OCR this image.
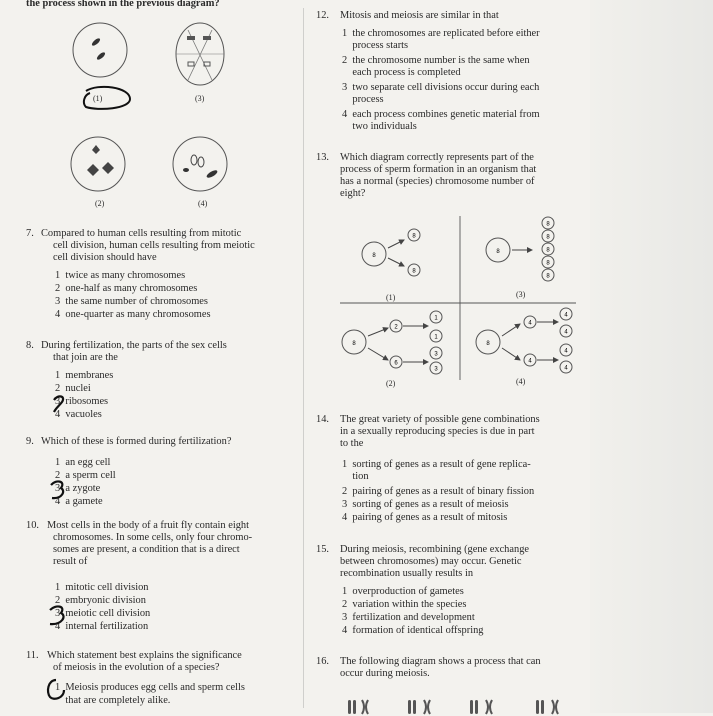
the process shown in the previous diagram?
(1)	(3)
(2)	(4)
7. Compared to human cells resulting from mitotic
cell division, human cells resulting from meiotic
cell division should have
1  twice as many chromosomes
2  one-half as many chromosomes
3  the same number of chromosomes
4  one-quarter as many chromosomes
8. During fertilization, the parts of the sex cells
that join are the
1  membranes
2  nuclei
3  ribosomes
4  vacuoles
9. Which of these is formed during fertilization?
1  an egg cell
2  a sperm cell
3  a zygote
4  a gamete
10. Most cells in the body of a fruit fly contain eight
chromosomes. In some cells, only four chromo-
somes are present, a condition that is a direct
result of
1  mitotic cell division
2  embryonic division
3  meiotic cell division
4  internal fertilization
11. Which statement best explains the significance
of meiosis in the evolution of a species?
1  Meiosis produces egg cells and sperm cells
that are completely alike.
12. Mitosis and meiosis are similar in that
1  the chromosomes are replicated before either
process starts
2  the chromosome number is the same when
each process is completed
3  two separate cell divisions occur during each
process
4  each process combines genetic material from
two individuals
13. Which diagram correctly represents part of the
process of sperm formation in an organism that
has a normal (species) chromosome number of
eight?
8
8
8
8
8
8
8
8
8
8
2
6
1
1
3
3
8
4
4
4
4
4
4
(1)	(3)
(2)	(4)
14. The great variety of possible gene combinations
in a sexually reproducing species is due in part
to the
1  sorting of genes as a result of gene replica-
tion
2  pairing of genes as a result of binary fission
3  sorting of genes as a result of meiosis
4  pairing of genes as a result of mitosis
15. During meiosis, recombining (gene exchange
between chromosomes) may occur. Genetic
recombination usually results in
1  overproduction of gametes
2  variation within the species
3  fertilization and development
4  formation of identical offspring
16. The following diagram shows a process that can
occur during meiosis.
